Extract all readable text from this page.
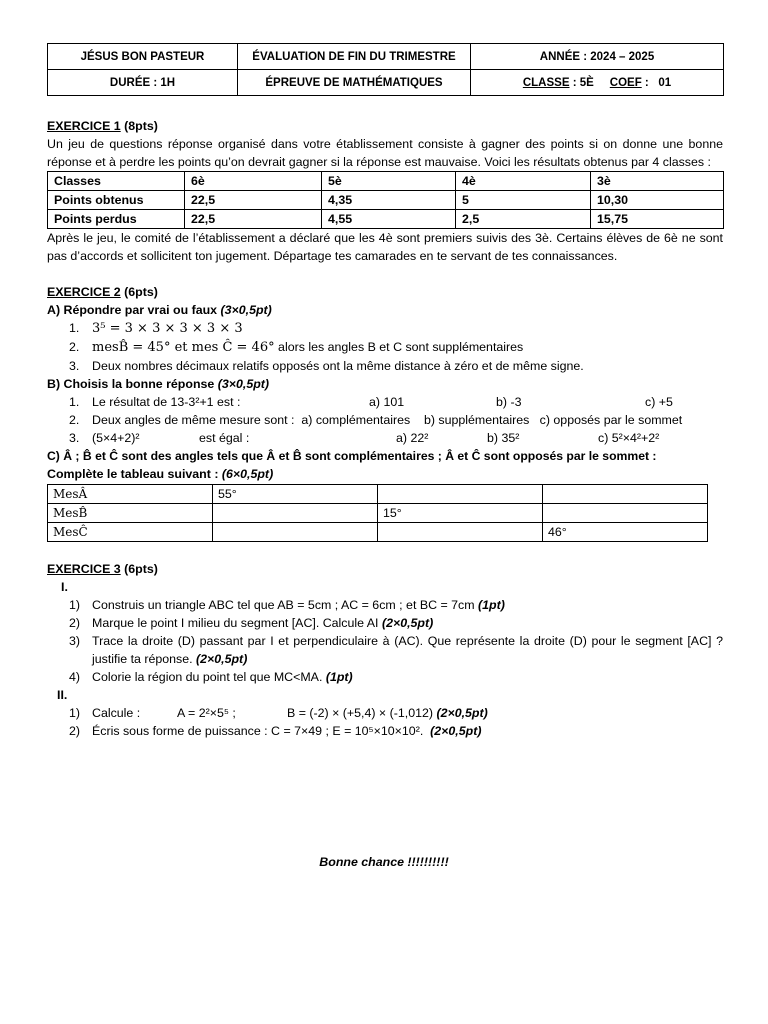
JÉSUS BON PASTEUR	ÉVALUATION DE FIN DU TRIMESTRE	ANNÉE : 2024 – 2025
DURÉE : 1H	ÉPREUVE DE MATHÉMATIQUES	CLASSE : 5È COEF :   01
EXERCICE 1 (8pts)

Un jeu de questions réponse organisé dans votre établissement consiste à gagner des points si on donne une bonne réponse et à perdre les points qu’on devrait gagner si la réponse est mauvaise. Voici les résultats obtenus par 4 classes :

Classes	6è	5è	4è	3è
Points obtenus	22,5	4,35	5	10,30
Points perdus	22,5	4,55	2,5	15,75

Après le jeu, le comité de l’établissement a déclaré que les 4è sont premiers suivis des 3è. Certains élèves de 6è ne sont pas d’accords et sollicitent ton jugement. Départage tes camarades en te servant de tes connaissances.

EXERCICE 2 (6pts)
A) Répondre par vrai ou faux (3×0,5pt)
1. 3⁵ = 3 × 3 × 3 × 3 × 3
2. mesB̂ = 45° et mes Ĉ = 46° alors les angles B et C sont supplémentaires
3. Deux nombres décimaux relatifs opposés ont la même distance à zéro et de même signe.
B) Choisis la bonne réponse (3×0,5pt)
1. Le résultat de 13-3²+1 est :	a) 101	b) -3	c) +5
2. Deux angles de même mesure sont :  a) complémentaires    b) supplémentaires   c) opposés par le sommet
3. (5×4+2)²	est égal :	a) 22²	b) 35²	c) 5²×4²+2²
C) Â ; B̂ et Ĉ sont des angles tels que Â et B̂ sont complémentaires ; Â et Ĉ sont opposés par le sommet :
Complète le tableau suivant : (6×0,5pt)
MesÂ	55°		
MesB̂		15°	
MesĈ			46°
EXERCICE 3 (6pts)
I.
1) Construis un triangle ABC tel que AB = 5cm ; AC = 6cm ; et BC = 7cm (1pt)
2) Marque le point I milieu du segment [AC]. Calcule AI (2×0,5pt)
3) Trace la droite (D) passant par I et perpendiculaire à (AC). Que représente la droite (D) pour le segment [AC] ? justifie ta réponse. (2×0,5pt)
4) Colorie la région du point tel que MC<MA. (1pt)
II.
1) Calcule :	A = 2²×5⁵ ;	B = (-2) × (+5,4) × (-1,012) (2×0,5pt)
2) Écris sous forme de puissance : C = 7×49 ; E = 10⁵×10×10².  (2×0,5pt)
Bonne chance !!!!!!!!!!
